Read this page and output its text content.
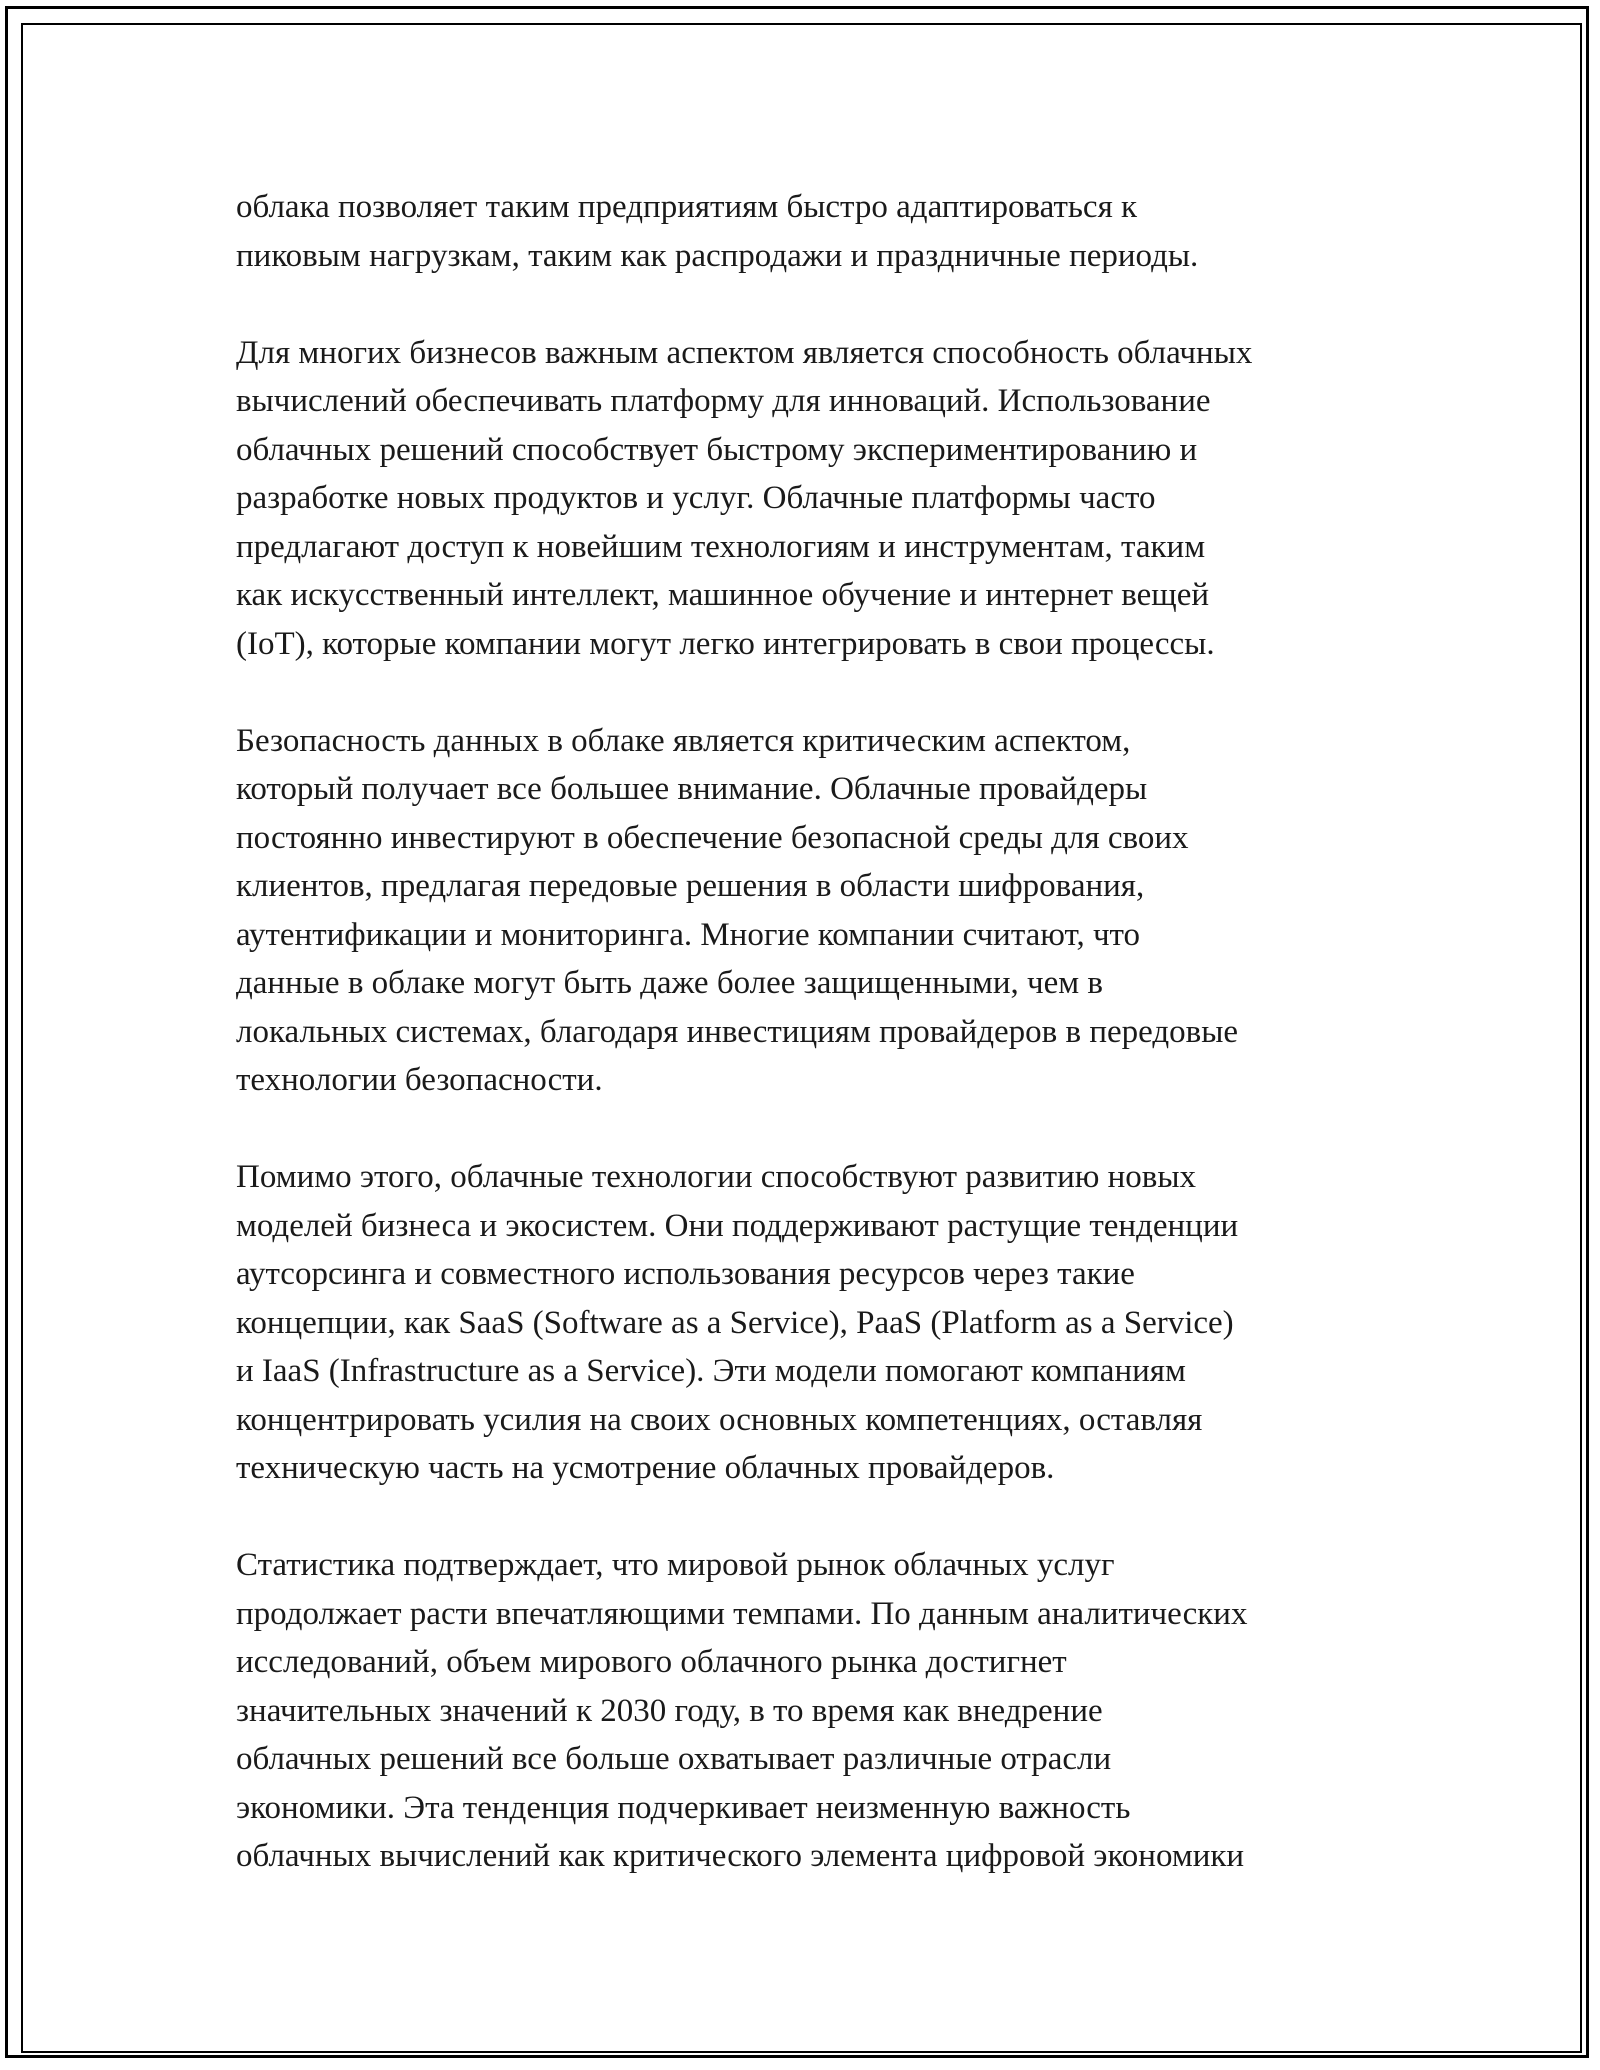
облака позволяет таким предприятиям быстро адаптироваться к
пиковым нагрузкам, таким как распродажи и праздничные периоды.

Для многих бизнесов важным аспектом является способность облачных
вычислений обеспечивать платформу для инноваций. Использование
облачных решений способствует быстрому экспериментированию и
разработке новых продуктов и услуг. Облачные платформы часто
предлагают доступ к новейшим технологиям и инструментам, таким
как искусственный интеллект, машинное обучение и интернет вещей
(IoT), которые компании могут легко интегрировать в свои процессы.

Безопасность данных в облаке является критическим аспектом,
который получает все большее внимание. Облачные провайдеры
постоянно инвестируют в обеспечение безопасной среды для своих
клиентов, предлагая передовые решения в области шифрования,
аутентификации и мониторинга. Многие компании считают, что
данные в облаке могут быть даже более защищенными, чем в
локальных системах, благодаря инвестициям провайдеров в передовые
технологии безопасности.

Помимо этого, облачные технологии способствуют развитию новых
моделей бизнеса и экосистем. Они поддерживают растущие тенденции
аутсорсинга и совместного использования ресурсов через такие
концепции, как SaaS (Software as a Service), PaaS (Platform as a Service)
и IaaS (Infrastructure as a Service). Эти модели помогают компаниям
концентрировать усилия на своих основных компетенциях, оставляя
техническую часть на усмотрение облачных провайдеров.

Статистика подтверждает, что мировой рынок облачных услуг
продолжает расти впечатляющими темпами. По данным аналитических
исследований, объем мирового облачного рынка достигнет
значительных значений к 2030 году, в то время как внедрение
облачных решений все больше охватывает различные отрасли
экономики. Эта тенденция подчеркивает неизменную важность
облачных вычислений как критического элемента цифровой экономики
